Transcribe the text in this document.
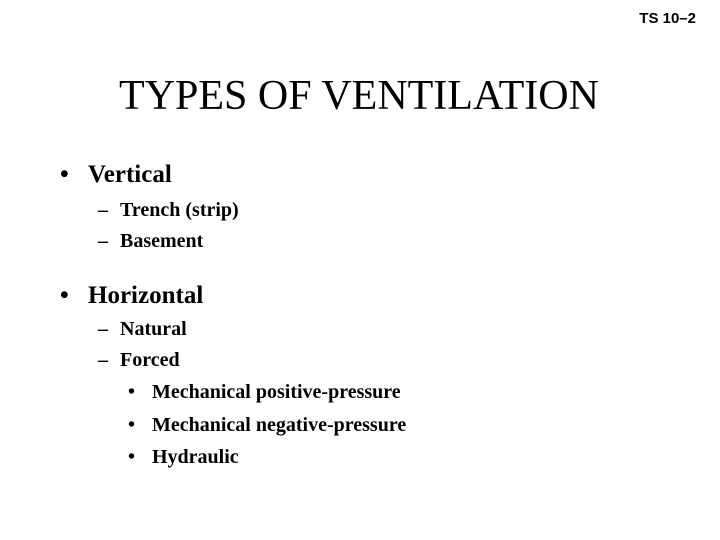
TS 10–2
TYPES OF VENTILATION
• Vertical
– Trench (strip)
– Basement
• Horizontal
– Natural
– Forced
• Mechanical positive-pressure
• Mechanical negative-pressure
• Hydraulic
